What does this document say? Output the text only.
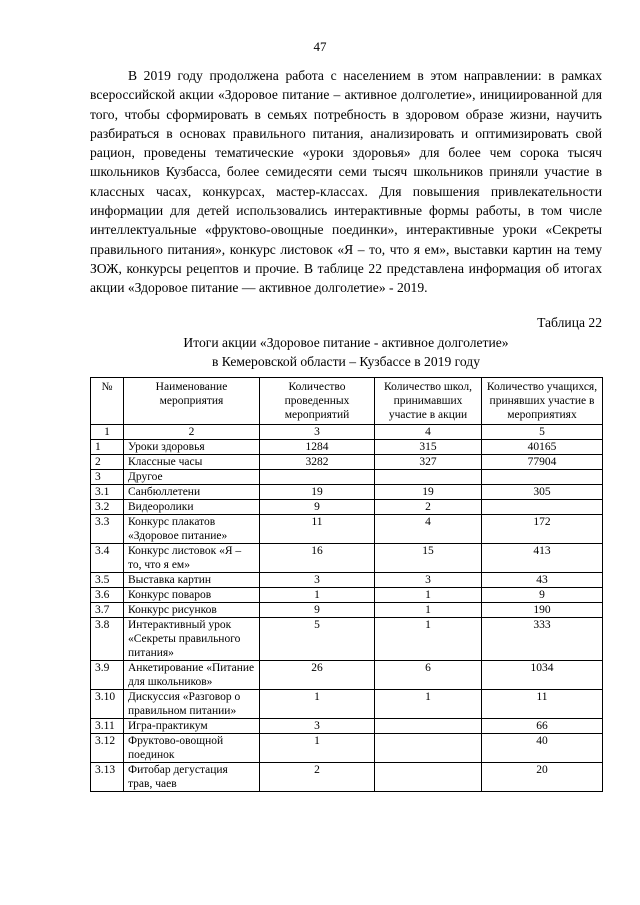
47

В 2019 году продолжена работа с населением в этом направлении: в рамках всероссийской акции «Здоровое питание – активное долголетие», инициированной для того, чтобы сформировать в семьях потребность в здоровом образе жизни, научить разбираться в основах правильного питания, анализировать и оптимизировать свой рацион, проведены тематические «уроки здоровья» для более чем сорока тысяч школьников Кузбасса, более семидесяти семи тысяч школьников приняли участие в классных часах, конкурсах, мастер-классах. Для повышения привлекательности информации для детей использовались интерактивные формы работы, в том числе интеллектуальные «фруктово-овощные поединки», интерактивные уроки «Секреты правильного питания», конкурс листовок «Я – то, что я ем», выставки картин на тему ЗОЖ, конкурсы рецептов и прочие. В таблице 22 представлена информация об итогах акции «Здоровое питание — активное долголетие» - 2019.

Таблица 22
Итоги акции «Здоровое питание - активное долголетие»
в Кемеровской области – Кузбассе в 2019 году
№	Наименование мероприятия	Количество проведенных мероприятий	Количество школ, принимавших участие в акции	Количество учащихся, принявших участие в мероприятиях
1	2	3	4	5
1	Уроки здоровья	1284	315	40165
2	Классные часы	3282	327	77904
3	Другое			
3.1	Санбюллетени	19	19	305
3.2	Видеоролики	9	2	
3.3	Конкурс плакатов «Здоровое питание»	11	4	172
3.4	Конкурс листовок «Я – то, что я ем»	16	15	413
3.5	Выставка картин	3	3	43
3.6	Конкурс поваров	1	1	9
3.7	Конкурс рисунков	9	1	190
3.8	Интерактивный урок «Секреты правильного питания»	5	1	333
3.9	Анкетирование «Питание для школьников»	26	6	1034
3.10	Дискуссия «Разговор о правильном питании»	1	1	11
3.11	Игра-практикум	3		66
3.12	Фруктово-овощной поединок	1		40
3.13	Фитобар дегустация трав, чаев	2		20
